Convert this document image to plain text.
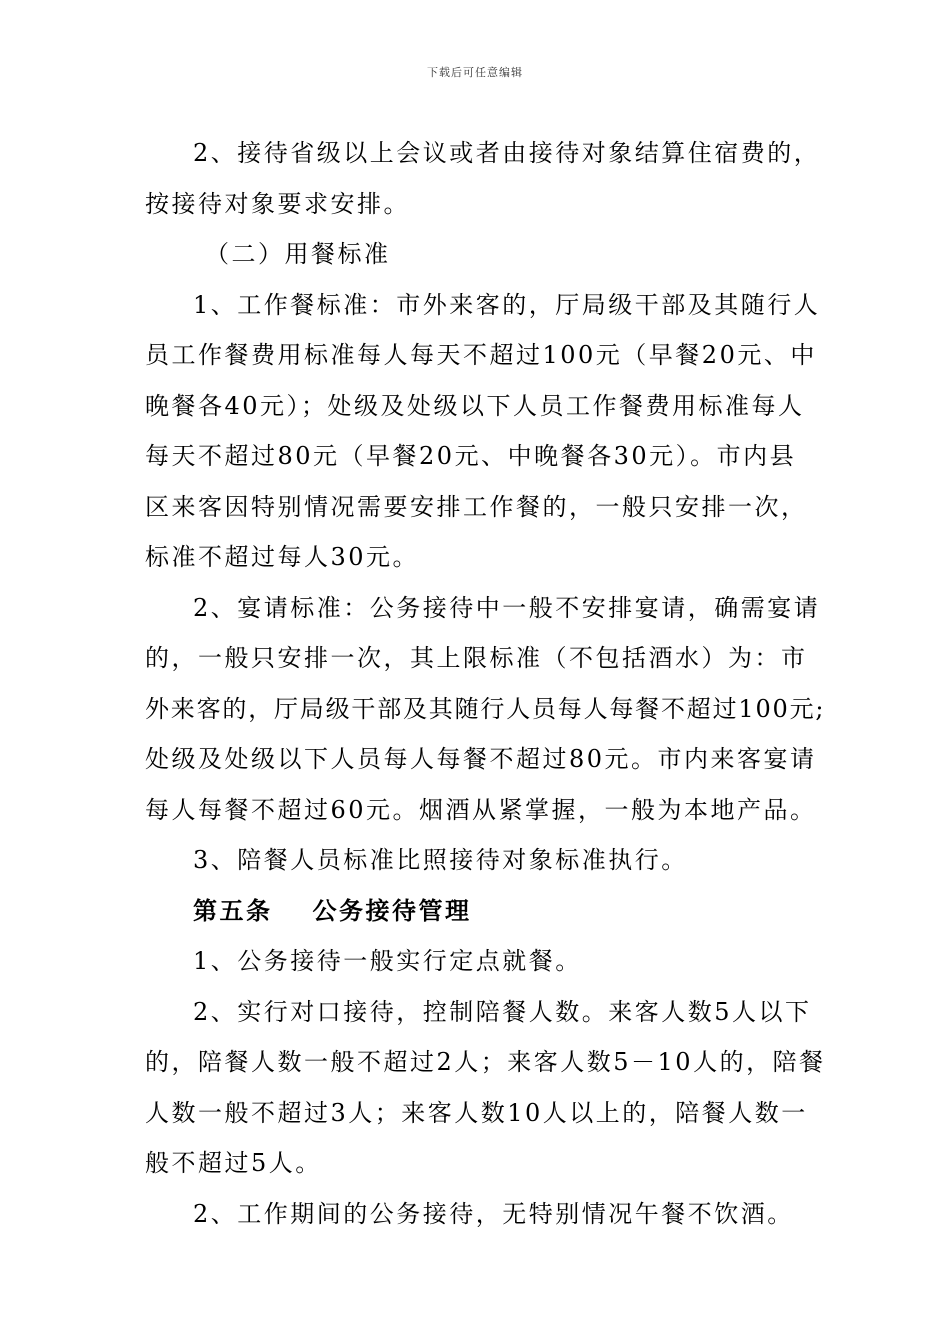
下载后可任意编辑
2、接待省级以上会议或者由接待对象结算住宿费的，
按接待对象要求安排。
（二）用餐标准
1、工作餐标准：市外来客的，厅局级干部及其随行人
员工作餐费用标准每人每天不超过100元（早餐20元、中
晚餐各40元）；处级及处级以下人员工作餐费用标准每人
每天不超过80元（早餐20元、中晚餐各30元）。市内县
区来客因特别情况需要安排工作餐的，一般只安排一次，
标准不超过每人30元。
2、宴请标准：公务接待中一般不安排宴请，确需宴请
的，一般只安排一次，其上限标准（不包括酒水）为：市
外来客的，厅局级干部及其随行人员每人每餐不超过100元;
处级及处级以下人员每人每餐不超过80元。市内来客宴请
每人每餐不超过60元。烟酒从紧掌握，一般为本地产品。
3、陪餐人员标准比照接待对象标准执行。
第五条 公务接待管理
1、公务接待一般实行定点就餐。
2、实行对口接待，控制陪餐人数。来客人数5人以下
的，陪餐人数一般不超过2人；来客人数5－10人的，陪餐
人数一般不超过3人；来客人数10人以上的，陪餐人数一
般不超过5人。
2、工作期间的公务接待，无特别情况午餐不饮酒。
